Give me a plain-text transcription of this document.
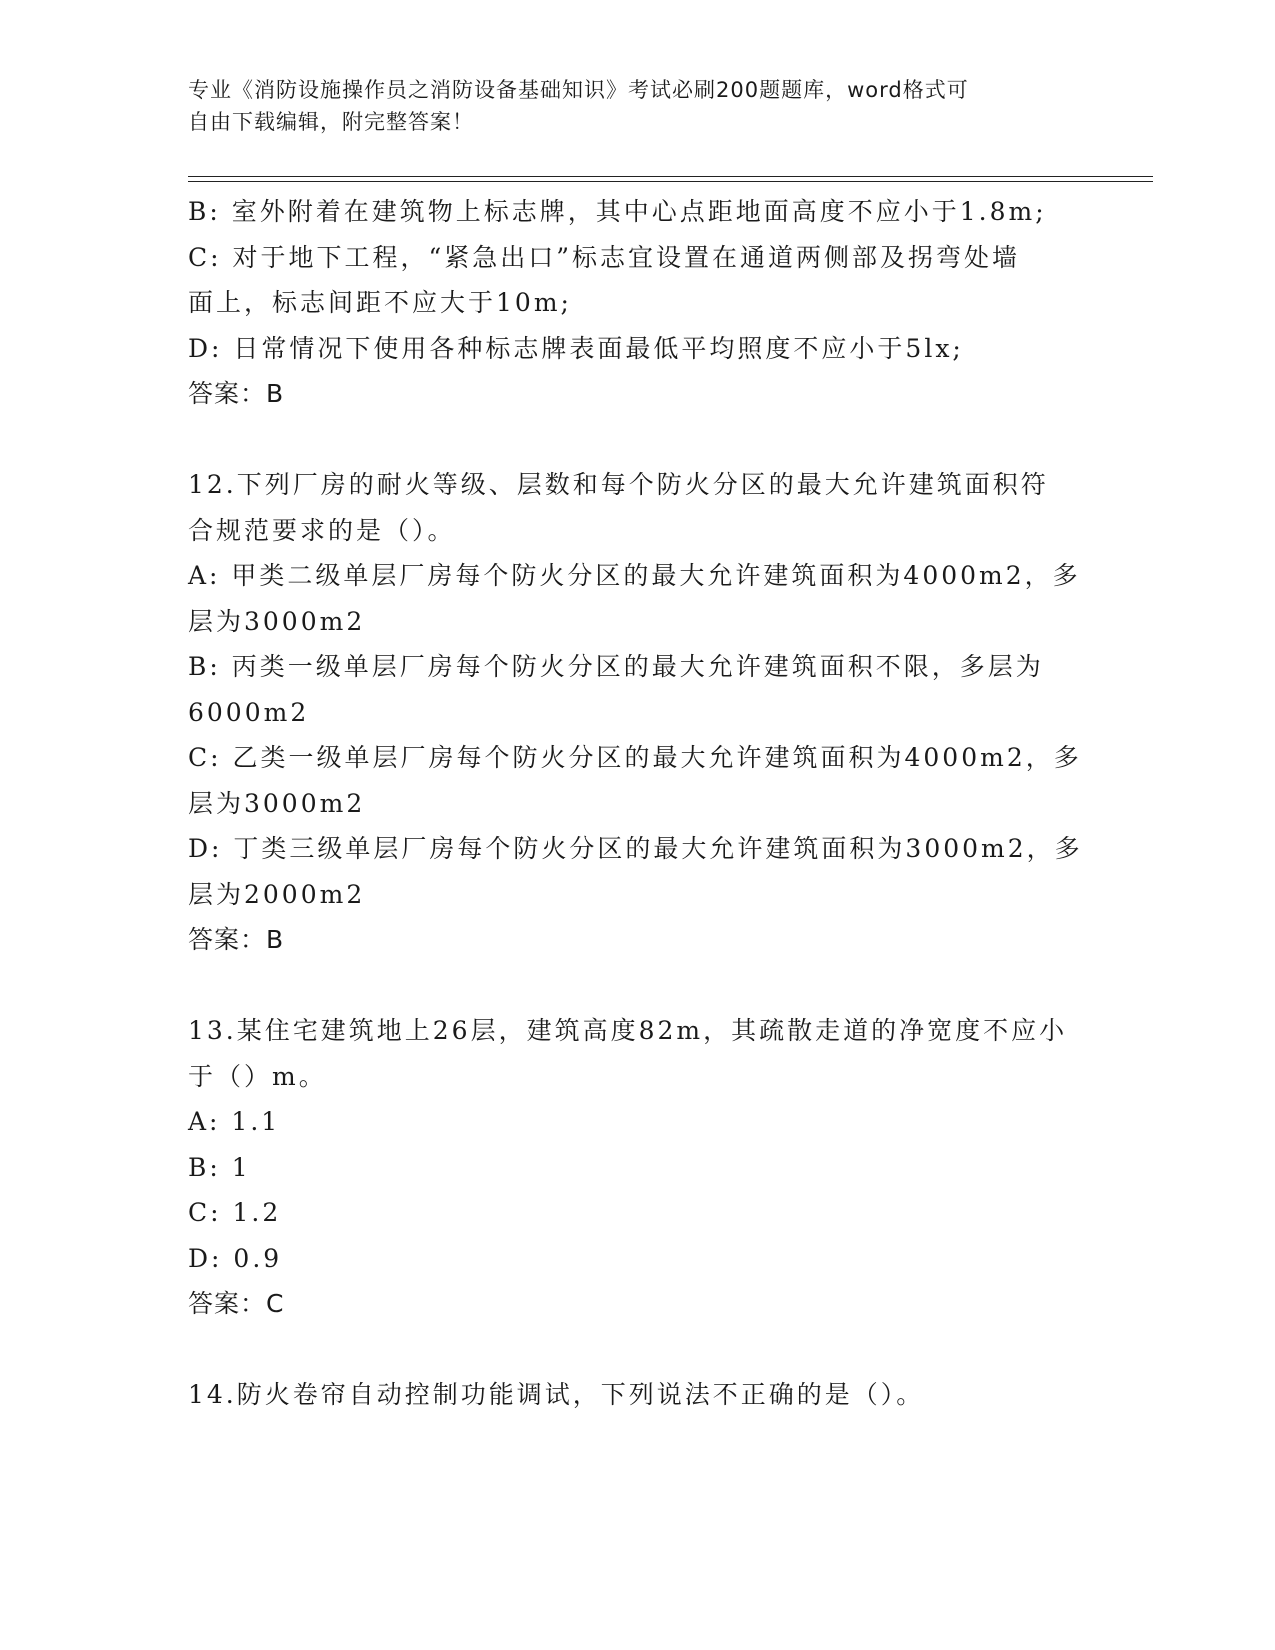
专业《消防设施操作员之消防设备基础知识》考试必刷200题题库，word格式可
自由下载编辑，附完整答案！
B: 室外附着在建筑物上标志牌，其中心点距地面高度不应小于1.8m;
C: 对于地下工程，“紧急出口”标志宜设置在通道两侧部及拐弯处墙
面上，标志间距不应大于10m;
D: 日常情况下使用各种标志牌表面最低平均照度不应小于5lx;
答案：B
12.下列厂房的耐火等级、层数和每个防火分区的最大允许建筑面积符
合规范要求的是（）。
A: 甲类二级单层厂房每个防火分区的最大允许建筑面积为4000m2，多
层为3000m2
B: 丙类一级单层厂房每个防火分区的最大允许建筑面积不限，多层为
6000m2
C: 乙类一级单层厂房每个防火分区的最大允许建筑面积为4000m2，多
层为3000m2
D: 丁类三级单层厂房每个防火分区的最大允许建筑面积为3000m2，多
层为2000m2
答案：B
13.某住宅建筑地上26层，建筑高度82m，其疏散走道的净宽度不应小
于（）m。
A: 1.1
B: 1
C: 1.2
D: 0.9
答案：C
14.防火卷帘自动控制功能调试，下列说法不正确的是（）。
